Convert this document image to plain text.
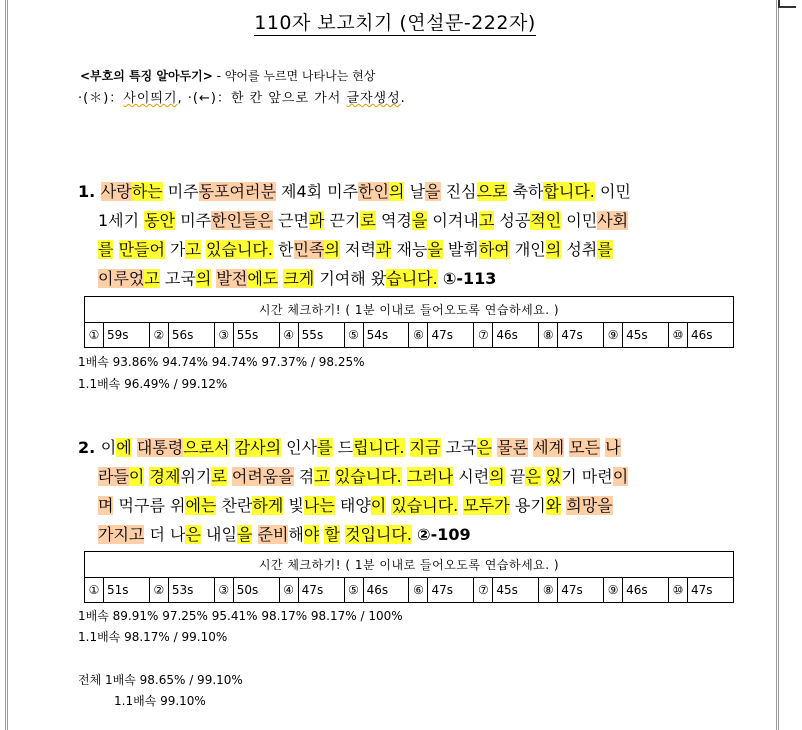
110자 보고치기 (연설문-222자)
<부호의 특징 알아두기> - 약어를 누르면 나타나는 현상
·(＊)：사이띄기, ·(←)：한 칸 앞으로 가서 글자생성.
1. 사랑하는 미주동포여러분 제4회 미주한인의 날을 진심으로 축하합니다. 이민
1세기 동안 미주한인들은 근면과 끈기로 역경을 이겨내고 성공적인 이민사회
를 만들어 가고 있습니다. 한민족의 저력과 재능을 발휘하여 개인의 성취를
이루었고 고국의 발전에도 크게 기여해 왔습니다. ①-113
시간 체크하기! ( 1분 이내로 들어오도록 연습하세요. )
①	59s	②	56s	③	55s	④	55s	⑤	54s	⑥	47s	⑦	46s	⑧	47s	⑨	45s	⑩	46s
1배속 93.86% 94.74% 94.74% 97.37% / 98.25%
1.1배속 96.49% / 99.12%
2. 이에 대통령으로서 감사의 인사를 드립니다. 지금 고국은 물론 세계 모든 나
라들이 경제위기로 어려움을 겪고 있습니다. 그러나 시련의 끝은 있기 마련이
며 먹구름 위에는 찬란하게 빛나는 태양이 있습니다. 모두가 용기와 희망을
가지고 더 나은 내일을 준비해야 할 것입니다. ②-109
시간 체크하기! ( 1분 이내로 들어오도록 연습하세요. )
①	51s	②	53s	③	50s	④	47s	⑤	46s	⑥	47s	⑦	45s	⑧	47s	⑨	46s	⑩	47s
1배속 89.91% 97.25% 95.41% 98.17% 98.17% / 100%
1.1배속 98.17% / 99.10%
전체 1배속 98.65% / 99.10%
1.1배속 99.10%
